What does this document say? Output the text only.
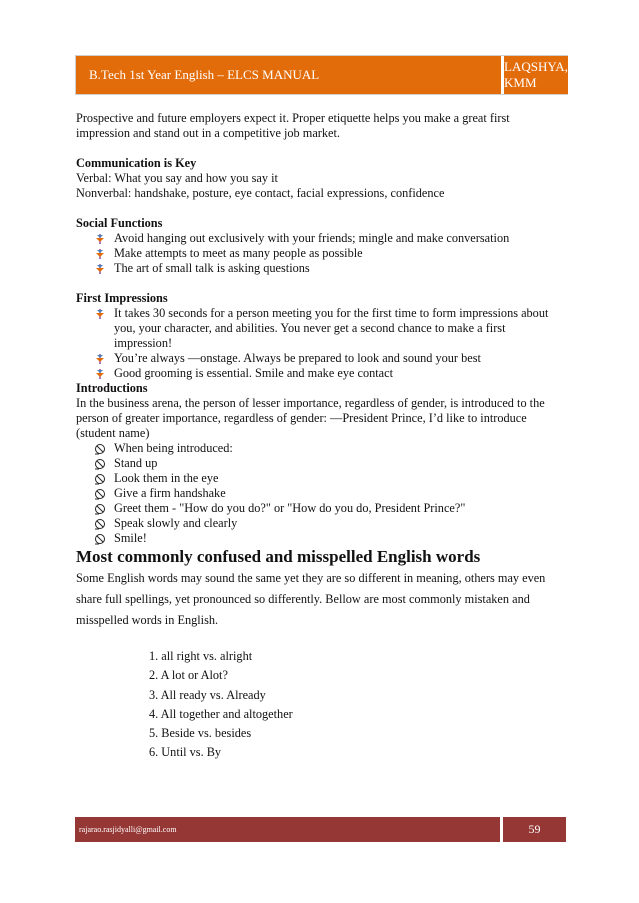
B.Tech 1st Year English – ELCS MANUAL
LAQSHYA, KMM

Prospective and future employers expect it. Proper etiquette helps you make a great first impression and stand out in a competitive job market.

Communication is Key

Verbal: What you say and how you say it

Nonverbal: handshake, posture, eye contact, facial expressions, confidence

Social Functions

Avoid hanging out exclusively with your friends; mingle and make conversation
Make attempts to meet as many people as possible
The art of small talk is asking questions

First Impressions

It takes 30 seconds for a person meeting you for the first time to form impressions about you, your character, and abilities. You never get a second chance to make a first impression!
You’re always —onstage. Always be prepared to look and sound your best
Good grooming is essential. Smile and make eye contact

Introductions

In the business arena, the person of lesser importance, regardless of gender, is introduced to the person of greater importance, regardless of gender: —President Prince, I’d like to introduce (student name)

When being introduced:
Stand up
Look them in the eye
Give a firm handshake
Greet them - "How do you do?" or "How do you do, President Prince?"
Speak slowly and clearly
Smile!

Most commonly confused and misspelled English words

Some English words may sound the same yet they are so different in meaning, others may even share full spellings, yet pronounced so differently. Bellow are most commonly mistaken and misspelled words in English.

1. all right vs. alright
2. A lot or Alot?
3. All ready vs. Already
4. All together and altogether
5. Beside vs. besides
6. Until vs. By
rajarao.rasjidyalli@gmail.com	59
